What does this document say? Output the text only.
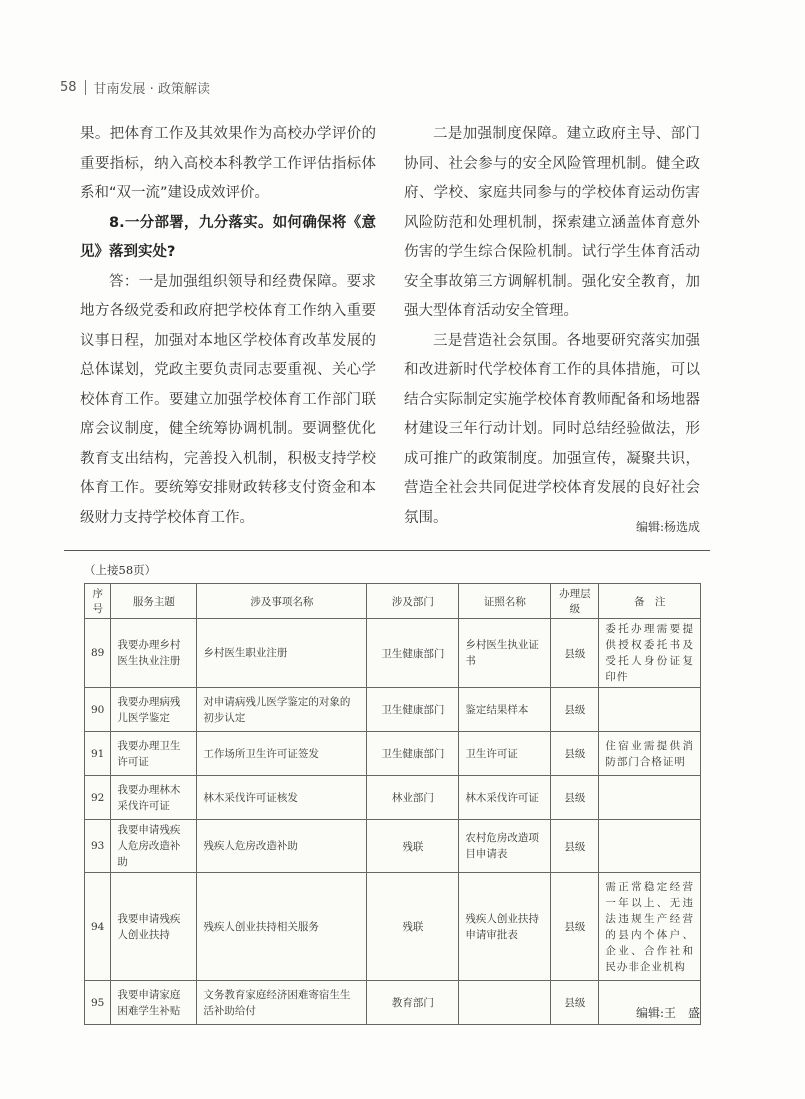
58 甘南发展 · 政策解读

果。把体育工作及其效果作为高校办学评价的重要指标，纳入高校本科教学工作评估指标体系和“双一流”建设成效评价。

8.一分部署，九分落实。如何确保将《意见》落到实处?

答：一是加强组织领导和经费保障。要求地方各级党委和政府把学校体育工作纳入重要议事日程，加强对本地区学校体育改革发展的总体谋划，党政主要负责同志要重视、关心学校体育工作。要建立加强学校体育工作部门联席会议制度，健全统筹协调机制。要调整优化教育支出结构，完善投入机制，积极支持学校体育工作。要统筹安排财政转移支付资金和本级财力支持学校体育工作。

二是加强制度保障。建立政府主导、部门协同、社会参与的安全风险管理机制。健全政府、学校、家庭共同参与的学校体育运动伤害风险防范和处理机制，探索建立涵盖体育意外伤害的学生综合保险机制。试行学生体育活动安全事故第三方调解机制。强化安全教育，加强大型体育活动安全管理。

三是营造社会氛围。各地要研究落实加强和改进新时代学校体育工作的具体措施，可以结合实际制定实施学校体育教师配备和场地器材建设三年行动计划。同时总结经验做法，形成可推广的政策制度。加强宣传，凝聚共识，营造全社会共同促进学校体育发展的良好社会氛围。

编辑:杨选成
（上接58页）
序号	服务主题	涉及事项名称	涉及部门	证照名称	办理层级	备　注
89	我要办理乡村医生执业注册	乡村医生职业注册	卫生健康部门	乡村医生执业证书	县级	委托办理需要提供授权委托书及受托人身份证复印件
90	我要办理病残儿医学鉴定	对申请病残儿医学鉴定的对象的初步认定	卫生健康部门	鉴定结果样本	县级	
91	我要办理卫生许可证	工作场所卫生许可证签发	卫生健康部门	卫生许可证	县级	住宿业需提供消防部门合格证明
92	我要办理林木采伐许可证	林木采伐许可证核发	林业部门	林木采伐许可证	县级	
93	我要申请残疾人危房改造补助	残疾人危房改造补助	残联	农村危房改造项目申请表	县级	
94	我要申请残疾人创业扶持	残疾人创业扶持相关服务	残联	残疾人创业扶持申请审批表	县级	需正常稳定经营一年以上、无违法违规生产经营的县内个体户、企业、合作社和民办非企业机构
95	我要申请家庭困难学生补贴	文务教育家庭经济困难寄宿生生活补助给付	教育部门		县级	
编辑:王　盛
